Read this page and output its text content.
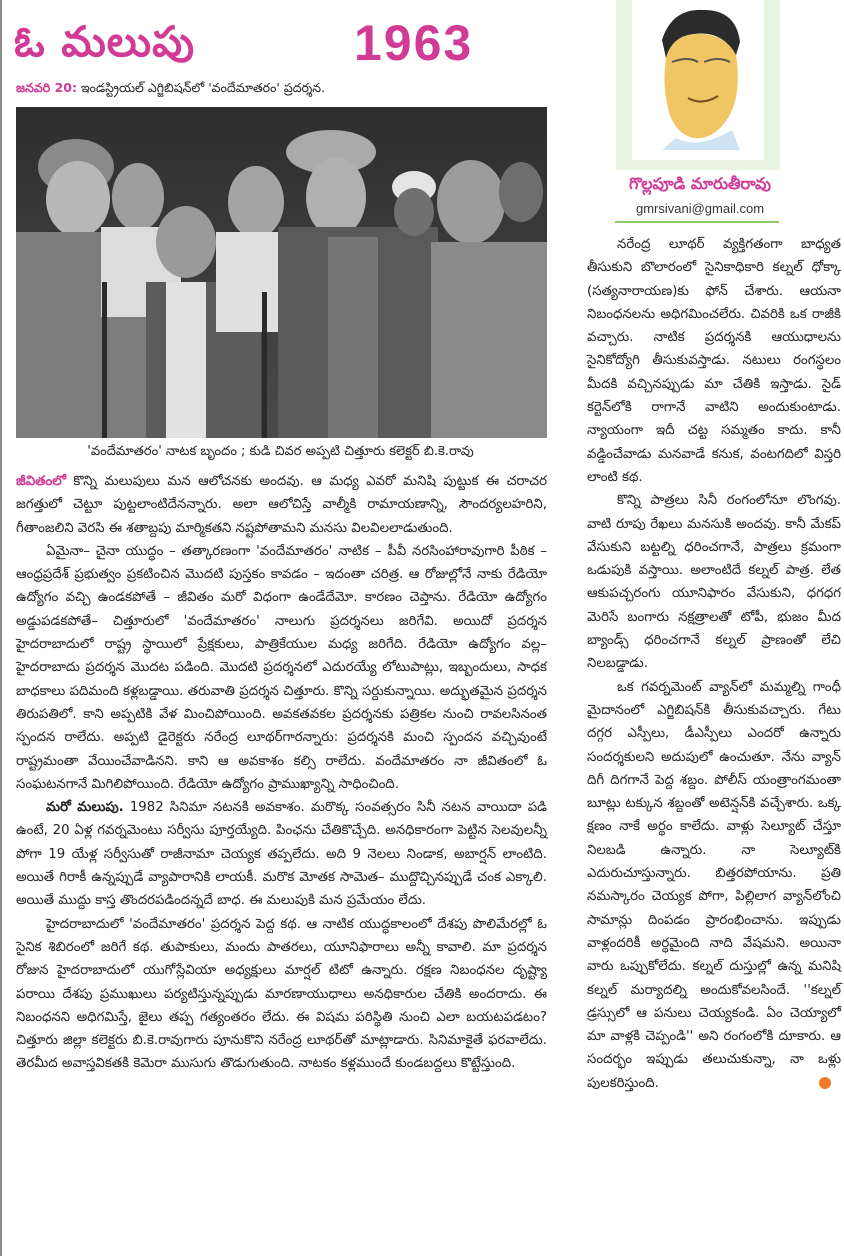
ఓ మలుపు	1963
జనవరి 20: ఇండస్ట్రియల్ ఎగ్జిబిషన్‌లో 'వందేమాతరం' ప్రదర్శన.
'వందేమాతరం' నాటక బృందం ; కుడి చివర అప్పటి చిత్తూరు కలెక్టర్ బి.కె.రావు

జీవితంలో కొన్ని మలుపులు మన ఆలోచనకు అందవు. ఆ మధ్య ఎవరో మనిషి పుట్టుక ఈ చరాచర జగత్తులో చెట్టూ పుట్టలాంటిదేనన్నారు. అలా ఆలోచిస్తే వాల్మీకి రామాయణాన్ని, సౌందర్యలహరిని, గీతాంజలిని వెరసి ఈ శతాబ్దపు మార్మికతని నష్టపోతామని మనసు విలవిలలాడుతుంది.

ఏమైనా– చైనా యుద్ధం – తత్కారణంగా 'వందేమాతరం' నాటిక – పీవీ నరసింహారావుగారి పీఠిక – ఆంధ్రప్రదేశ్ ప్రభుత్వం ప్రకటించిన మొదటి పుస్తకం కావడం – ఇదంతా చరిత్ర. ఆ రోజుల్లోనే నాకు రేడియో ఉద్యోగం వచ్చి ఉండకపోతే – జీవితం మరో విధంగా ఉండేదేమో. కారణం చెప్తాను. రేడియో ఉద్యోగం అడ్డుపడకపోతే– చిత్తూరులో 'వందేమాతరం' నాలుగు ప్రదర్శనలు జరిగేవి. అయిదో ప్రదర్శన హైదరాబాదులో రాష్ట్ర స్థాయిలో ప్రేక్షకులు, పాత్రికేయుల మధ్య జరిగేది. రేడియో ఉద్యోగం వల్ల– హైదరాబాదు ప్రదర్శన మొదట పడింది. మొదటి ప్రదర్శనలో ఎదురయ్యే లోటుపాట్లు, ఇబ్బందులు, సాధక బాధకాలు పదిమంది కళ్లబడ్డాయి. తరువాతి ప్రదర్శన చిత్తూరు. కొన్ని సర్దుకున్నాయి. అద్భుతమైన ప్రదర్శన తిరుపతిలో. కాని అప్పటికి వేళ మించిపోయింది. అవకతవకల ప్రదర్శనకు పత్రికల నుంచి రావలసినంత స్పందన రాలేదు. అప్పటి డైరెక్టరు నరేంద్ర లూథర్‌గారన్నారు: ప్రదర్శనకి మంచి స్పందన వచ్చివుంటే రాష్ట్రమంతా వేయించేవాడినని. కాని ఆ అవకాశం కల్సి రాలేదు. వందేమాతరం నా జీవితంలో ఓ సంఘటనగానే మిగిలిపోయింది. రేడియో ఉద్యోగం ప్రాముఖ్యాన్ని సాధించింది.

మరో మలుపు. 1982 సినిమా నటనకి అవకాశం. మరొక్క సంవత్సరం సినీ నటన వాయిదా పడి ఉంటే, 20 ఏళ్ల గవర్నమెంటు సర్వీసు పూర్తయ్యేది. పింఛను చేతికొచ్చేది. అనధికారంగా పెట్టిన సెలవులన్నీ పోగా 19 యేళ్ల సర్వీసుతో రాజీనామా చెయ్యక తప్పలేదు. అది 9 నెలలు నిండాక, అబార్షన్ లాంటిది. అయితే గిరాకీ ఉన్నప్పుడే వ్యాపారానికి లాయకీ. మరొక మోతక సామెత– ముద్దొచ్చినప్పుడే చంక ఎక్కాలి. అయితే ముద్దు కాస్త తొందరపడిందన్నదే బాధ. ఈ మలుపుకి మన ప్రమేయం లేదు.

హైదరాబాదులో 'వందేమాతరం' ప్రదర్శన పెద్ద కథ. ఆ నాటిక యుద్ధకాలంలో దేశపు పొలిమేరల్లో ఓ సైనిక శిబిరంలో జరిగే కథ. తుపాకులు, మందు పాతరలు, యూనిఫారాలు అన్నీ కావాలి. మా ప్రదర్శన రోజున హైదరాబాదులో యుగోస్లేవియా అధ్యక్షులు మార్షల్ టిటో ఉన్నారు. రక్షణ నిబంధనల దృష్ట్యా పరాయి దేశపు ప్రముఖులు పర్యటిస్తున్నప్పుడు మారణాయుధాలు అనధికారుల చేతికి అందరాదు. ఈ నిబంధనని అధిగమిస్తే, జైలు తప్ప గత్యంతరం లేదు. ఈ విషమ పరిస్థితి నుంచి ఎలా బయటపడటం? చిత్తూరు జిల్లా కలెక్టరు బి.కె.రావుగారు పూనుకొని నరేంద్ర లూథర్‌తో మాట్లాడారు. సినిమాకైతే ఫరవాలేదు. తెరమీద అవాస్తవికతకి కెమెరా ముసుగు తొడుగుతుంది. నాటకం కళ్లముందే కుండబద్దలు కొట్టేస్తుంది.

గొల్లపూడి మారుతీరావు
gmrsivani@gmail.com

నరేంద్ర లూథర్ వ్యక్తిగతంగా బాధ్యత తీసుకుని బొలారంలో సైనికాధికారి కల్నల్ ధోక్కా (సత్యనారాయణ)కు ఫోన్ చేశారు. ఆయనా నిబంధనలను అధిగమించలేరు. చివరికి ఒక రాజీకి వచ్చారు. నాటిక ప్రదర్శనకి ఆయుధాలను సైనికోద్యోగి తీసుకువస్తాడు. నటులు రంగస్థలం మీదకి వచ్చినప్పుడు మా చేతికి ఇస్తాడు. సైడ్ కర్టెన్‌లోకి రాగానే వాటిని అందుకుంటాడు. న్యాయంగా ఇదీ చట్ట సమ్మతం కాదు. కానీ వడ్డించేవాడు మనవాడే కనుక, వంటగదిలో విస్తరి లాంటి కథ.

కొన్ని పాత్రలు సినీ రంగంలోనూ లొంగవు. వాటి రూపు రేఖలు మనసుకి అందవు. కానీ మేకప్ వేసుకుని బట్టల్ని ధరించగానే, పాత్రలు క్రమంగా ఒడుపుకి వస్తాయి. అలాంటిదే కల్నల్ పాత్ర. లేత ఆకుపచ్చరంగు యూనిఫారం వేసుకుని, ధగధగ మెరిసే బంగారు నక్షత్రాలతో టోపీ, భుజం మీద బ్యాండ్స్ ధరించగానే కల్నల్ ప్రాణంతో లేచి నిలబడ్డాడు.

ఒక గవర్నమెంట్ వ్యాన్‌లో మమ్మల్ని గాంధీ మైదానంలో ఎగ్జిబిషన్‌కి తీసుకువచ్చారు. గేటు దగ్గర ఎస్పీలు, డీఎస్పీలు ఎందరో ఉన్నారు సందర్శకులని అదుపులో ఉంచుతూ. నేను వ్యాన్ దిగీ దిగగానే పెద్ద శబ్దం. పోలీస్ యంత్రాంగమంతా బూట్లు టక్కున శబ్దంతో అటెన్షన్‌కి వచ్చేశారు. ఒక్క క్షణం నాకే అర్థం కాలేదు. వాళ్లు సెల్యూట్ చేస్తూ నిలబడి ఉన్నారు. నా సెల్యూట్‌కి ఎదురుచూస్తున్నారు. బిత్తరపోయాను. ప్రతి నమస్కారం చెయ్యక పోగా, పిల్లిలాగ వ్యాన్‌లోంచి సామాన్లు దింపడం ప్రారంభించాను. ఇప్పుడు వాళ్లందరికీ అర్థమైంది నాది వేషమని. అయినా వారు ఒప్పుకోలేదు. కల్నల్ దుస్తుల్లో ఉన్న మనిషి కల్నల్ మర్యాదల్ని అందుకోవలసిందే. ''కల్నల్ డ్రస్సులో ఆ పనులు చెయ్యకండి. ఏం చెయ్యాలో మా వాళ్లకి చెప్పండి'' అని రంగంలోకి దూకారు. ఆ సందర్భం ఇప్పుడు తలుచుకున్నా, నా ఒళ్లు పులకరిస్తుంది.
